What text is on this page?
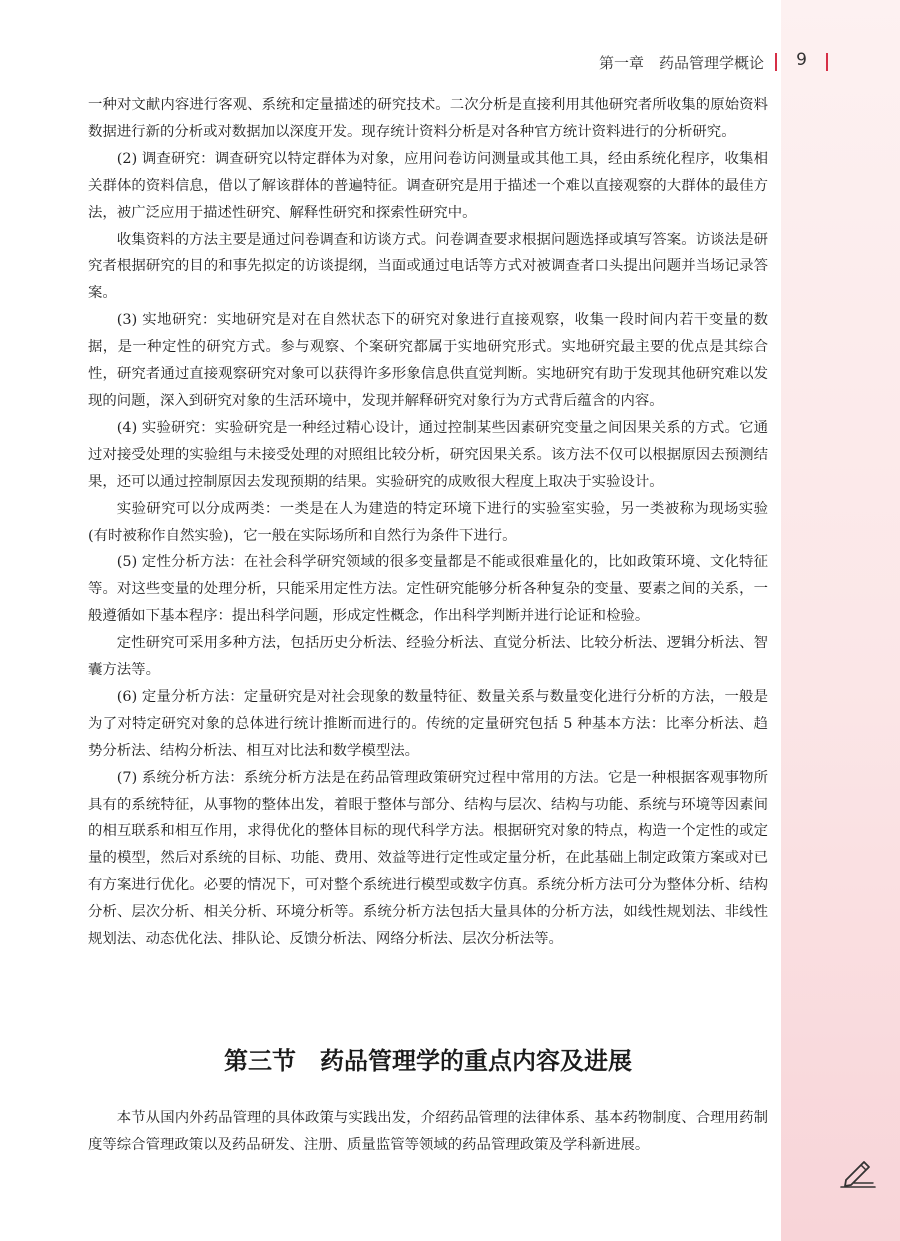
第一章　药品管理学概论	9

一种对文献内容进行客观、系统和定量描述的研究技术。二次分析是直接利用其他研究者所收集的原始资料数据进行新的分析或对数据加以深度开发。现存统计资料分析是对各种官方统计资料进行的分析研究。

(2) 调查研究：调查研究以特定群体为对象，应用问卷访问测量或其他工具，经由系统化程序，收集相关群体的资料信息，借以了解该群体的普遍特征。调查研究是用于描述一个难以直接观察的大群体的最佳方法，被广泛应用于描述性研究、解释性研究和探索性研究中。

收集资料的方法主要是通过问卷调查和访谈方式。问卷调查要求根据问题选择或填写答案。访谈法是研究者根据研究的目的和事先拟定的访谈提纲，当面或通过电话等方式对被调查者口头提出问题并当场记录答案。

(3) 实地研究：实地研究是对在自然状态下的研究对象进行直接观察，收集一段时间内若干变量的数据，是一种定性的研究方式。参与观察、个案研究都属于实地研究形式。实地研究最主要的优点是其综合性，研究者通过直接观察研究对象可以获得许多形象信息供直觉判断。实地研究有助于发现其他研究难以发现的问题，深入到研究对象的生活环境中，发现并解释研究对象行为方式背后蕴含的内容。

(4) 实验研究：实验研究是一种经过精心设计，通过控制某些因素研究变量之间因果关系的方式。它通过对接受处理的实验组与未接受处理的对照组比较分析，研究因果关系。该方法不仅可以根据原因去预测结果，还可以通过控制原因去发现预期的结果。实验研究的成败很大程度上取决于实验设计。

实验研究可以分成两类：一类是在人为建造的特定环境下进行的实验室实验，另一类被称为现场实验(有时被称作自然实验)，它一般在实际场所和自然行为条件下进行。

(5) 定性分析方法：在社会科学研究领域的很多变量都是不能或很难量化的，比如政策环境、文化特征等。对这些变量的处理分析，只能采用定性方法。定性研究能够分析各种复杂的变量、要素之间的关系，一般遵循如下基本程序：提出科学问题，形成定性概念，作出科学判断并进行论证和检验。

定性研究可采用多种方法，包括历史分析法、经验分析法、直觉分析法、比较分析法、逻辑分析法、智囊方法等。

(6) 定量分析方法：定量研究是对社会现象的数量特征、数量关系与数量变化进行分析的方法，一般是为了对特定研究对象的总体进行统计推断而进行的。传统的定量研究包括 5 种基本方法：比率分析法、趋势分析法、结构分析法、相互对比法和数学模型法。

(7) 系统分析方法：系统分析方法是在药品管理政策研究过程中常用的方法。它是一种根据客观事物所具有的系统特征，从事物的整体出发，着眼于整体与部分、结构与层次、结构与功能、系统与环境等因素间的相互联系和相互作用，求得优化的整体目标的现代科学方法。根据研究对象的特点，构造一个定性的或定量的模型，然后对系统的目标、功能、费用、效益等进行定性或定量分析，在此基础上制定政策方案或对已有方案进行优化。必要的情况下，可对整个系统进行模型或数字仿真。系统分析方法可分为整体分析、结构分析、层次分析、相关分析、环境分析等。系统分析方法包括大量具体的分析方法，如线性规划法、非线性规划法、动态优化法、排队论、反馈分析法、网络分析法、层次分析法等。

第三节　药品管理学的重点内容及进展

本节从国内外药品管理的具体政策与实践出发，介绍药品管理的法律体系、基本药物制度、合理用药制度等综合管理政策以及药品研发、注册、质量监管等领域的药品管理政策及学科新进展。
